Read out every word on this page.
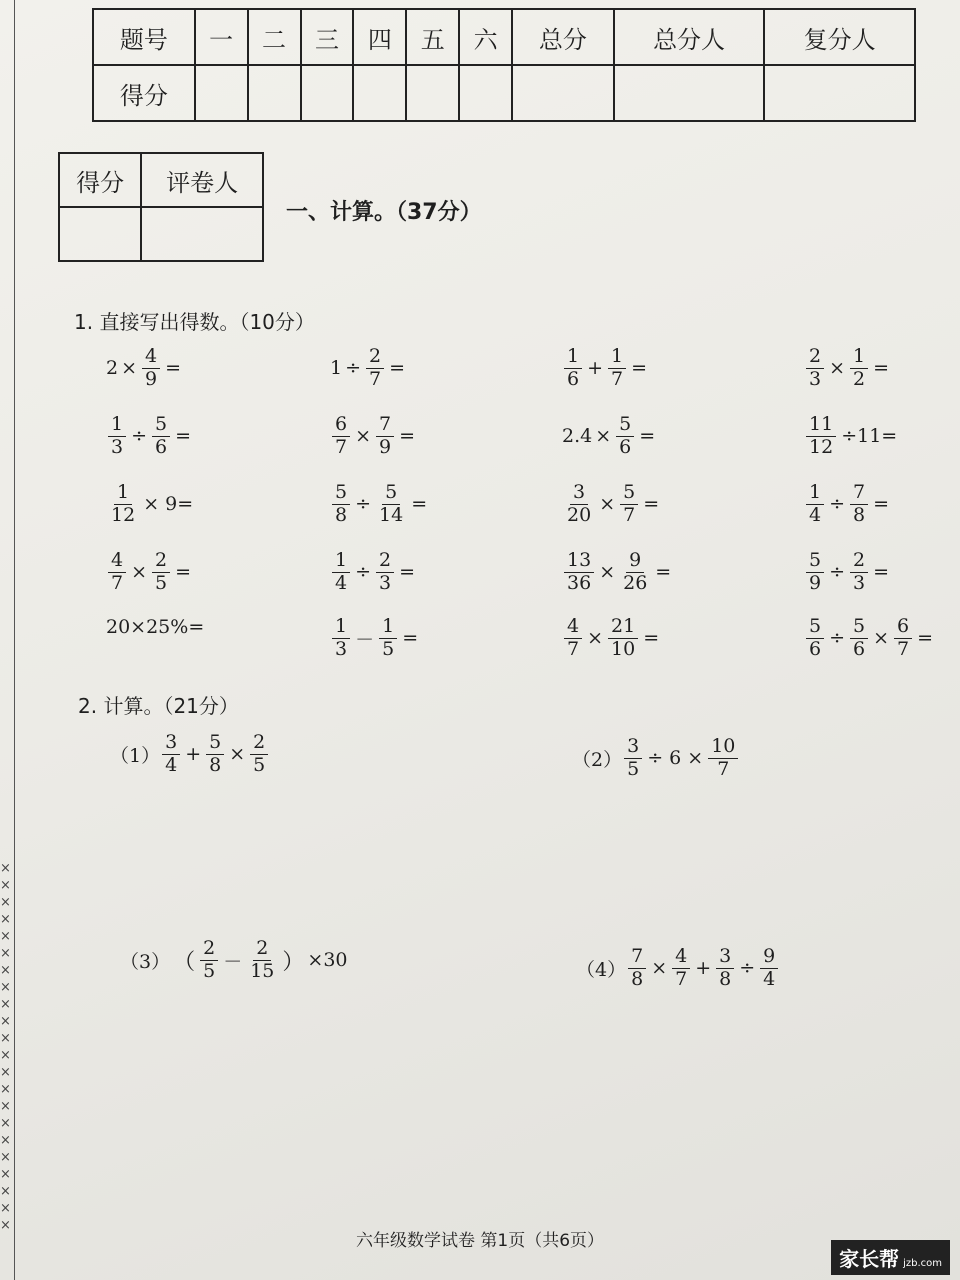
×
×
×
×
×
×
×
×
×
×
×
×
×
×
×
×
×
×
×
×
×
×
题号	一	二	三	四	五	六	总分	总分人	复分人
得分									
得分	评卷人

一、计算。（37分）
1. 直接写出得数。（10分）
$2 \times \frac{4}{9}$ =	$1 \div \frac{2}{7}$ =	$\frac{1}{6} + \frac{1}{7}$ =	$\frac{2}{3} \times \frac{1}{2}$ =
$\frac{1}{3} \div \frac{5}{6}$ =	$\frac{6}{7} \times \frac{7}{9}$ =	$2.4 \times \frac{5}{6}$ =	$\frac{11}{12} \div 11=$
$\frac{1}{12} \times 9=$	$\frac{5}{8} \div \frac{5}{14}$ =	$\frac{3}{20} \times \frac{5}{7}$ =	$\frac{1}{4} \div \frac{7}{8}$ =
$\frac{4}{7} \times \frac{2}{5}$ =	$\frac{1}{4} \div \frac{2}{3}$ =	$\frac{13}{36} \times \frac{9}{26}$ =	$\frac{5}{9} \div \frac{2}{3}$ =
20×25%=	$\frac{1}{3} - \frac{1}{5}$ =	$\frac{4}{7} \times \frac{21}{10}$ =	$\frac{5}{6} \div \frac{5}{6} \times \frac{6}{7}$ =
2. 计算。（21分）
$(1) \frac{3}{4} + \frac{5}{8} \times \frac{2}{5}$	$(2) \frac{3}{5} \div 6 \times \frac{10}{7}$
（3） （ $\frac{2}{5} - \frac{2}{15}$ ） ×30	$(4) \frac{7}{8} \times \frac{4}{7} + \frac{3}{8} \div \frac{9}{4}$
六年级数学试卷 第1页（共6页）
家长帮 jzb.com
